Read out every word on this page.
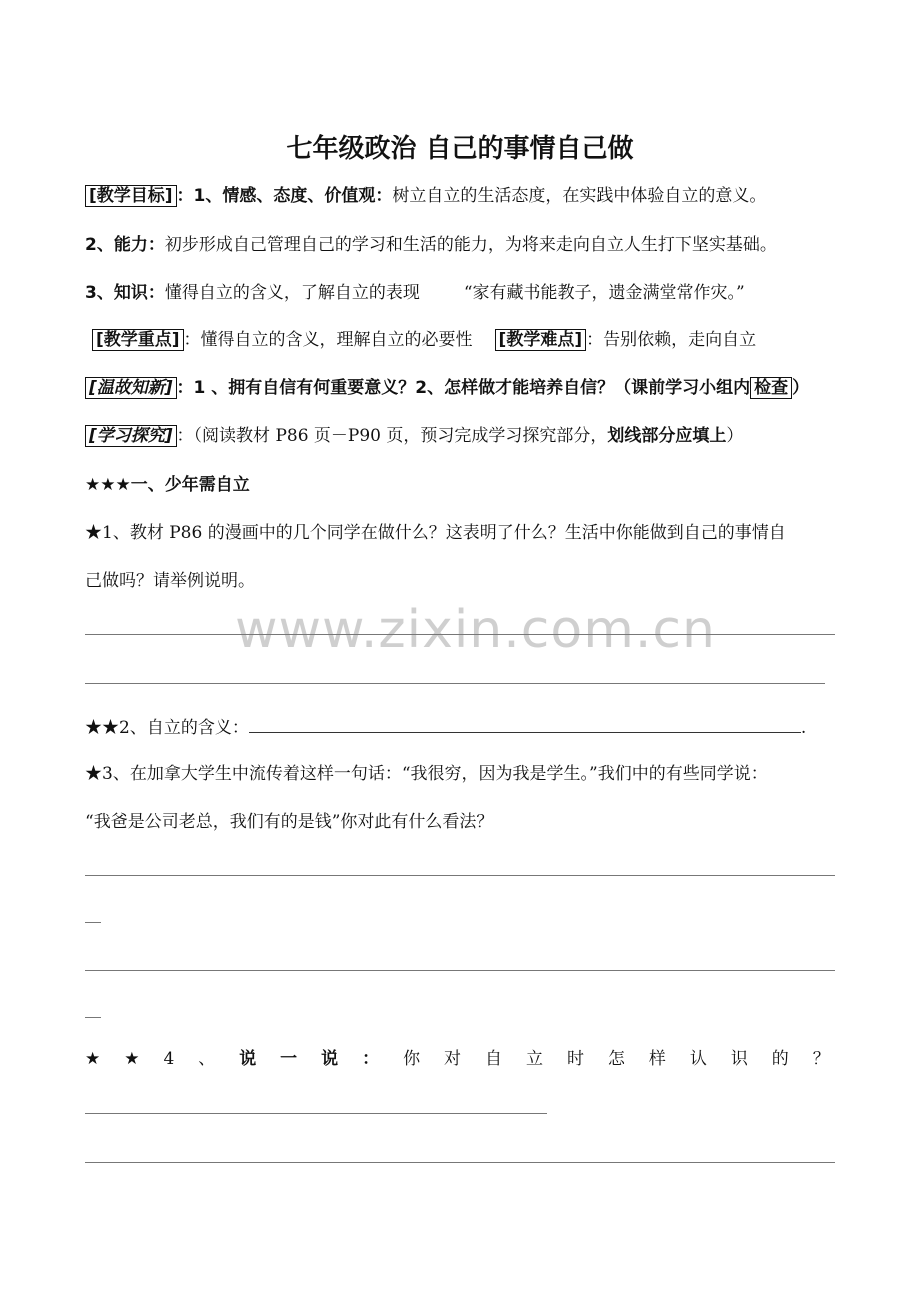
七年级政治 自己的事情自己做
[教学目标] ：1、情感、态度、价值观：树立自立的生活态度，在实践中体验自立的意义。
2、能力：初步形成自己管理自己的学习和生活的能力，为将来走向自立人生打下坚实基础。
3、知识：懂得自立的含义，了解自立的表现	“家有藏书能教子，遗金满堂常作灾。”
[教学重点] ：懂得自立的含义，理解自立的必要性 [教学难点] ：告别依赖，走向自立
[温故知新] ：1 、拥有自信有何重要意义？2、怎样做才能培养自信？（课前学习小组内 检查 ）
[学习探究] ：（阅读教材 P86 页－P90 页，预习完成学习探究部分，划线部分应填上）
★★★一、少年需自立
★1、教材 P86 的漫画中的几个同学在做什么？这表明了什么？生活中你能做到自己的事情自
己做吗？请举例说明。
www.zixin.com.cn
★★2、自立的含义：	.
★3、在加拿大学生中流传着这样一句话：“我很穷，因为我是学生。”我们中的有些同学说：
“我爸是公司老总，我们有的是钱”你对此有什么看法？
★ ★ 4 、 说 一 说 ： 你 对 自 立 时 怎 样 认 识 的 ？
